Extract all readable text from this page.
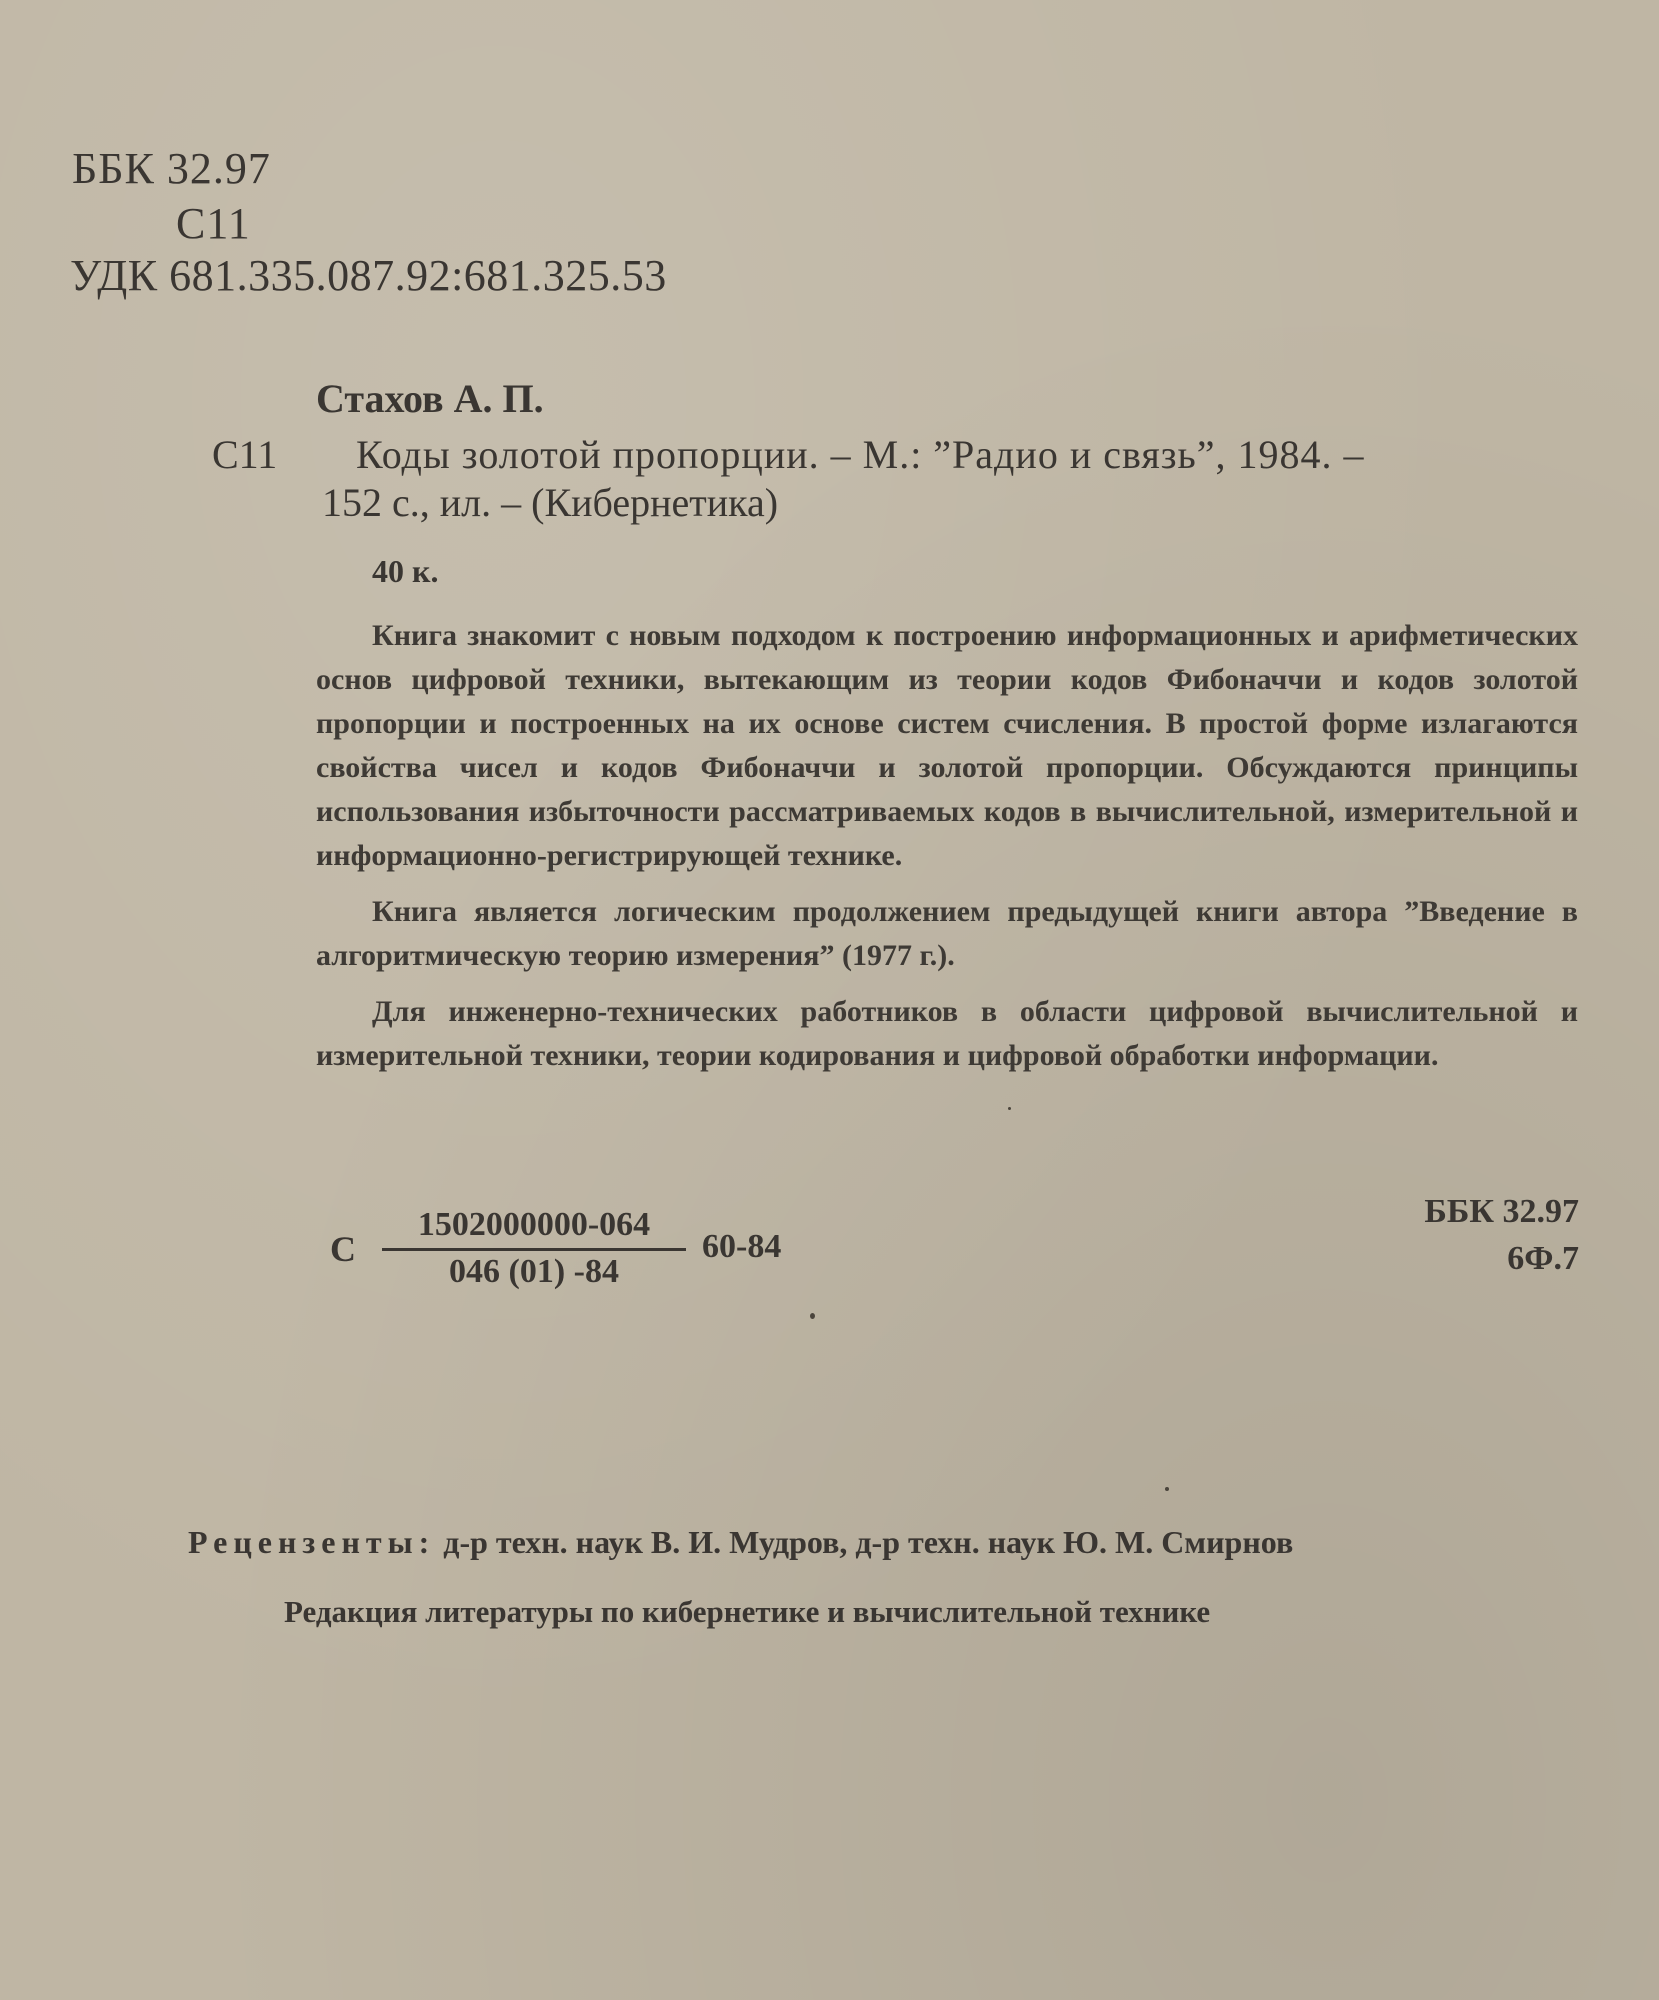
ББК 32.97
С11
УДК 681.335.087.92:681.325.53
Стахов А. П.
С11 Коды золотой пропорции. – М.: ”Радио и связь”, 1984. –
152 с., ил. – (Кибернетика)
40 к.

Книга знакомит с новым подходом к построению информационных и арифметических основ цифровой техники, вытекающим из теории кодов Фибоначчи и кодов золотой пропорции и построенных на их основе систем счисления. В простой форме излагаются свойства чисел и кодов Фибоначчи и золотой пропорции. Обсуждаются принципы использования избыточности рассматриваемых кодов в вычислительной, измерительной и информационно-регистрирующей технике.

Книга является логическим продолжением предыдущей книги автора ”Введение в алгоритмическую теорию измерения” (1977 г.).

Для инженерно-технических работников в области цифровой вычислительной и измерительной техники, теории кодирования и цифровой обработки информации.

С
1502000000-064
046 (01) -84
60-84
ББК 32.97
6Ф.7
Рецензенты: д-р техн. наук В. И. Мудров, д-р техн. наук Ю. М. Смирнов
Редакция литературы по кибернетике и вычислительной технике
